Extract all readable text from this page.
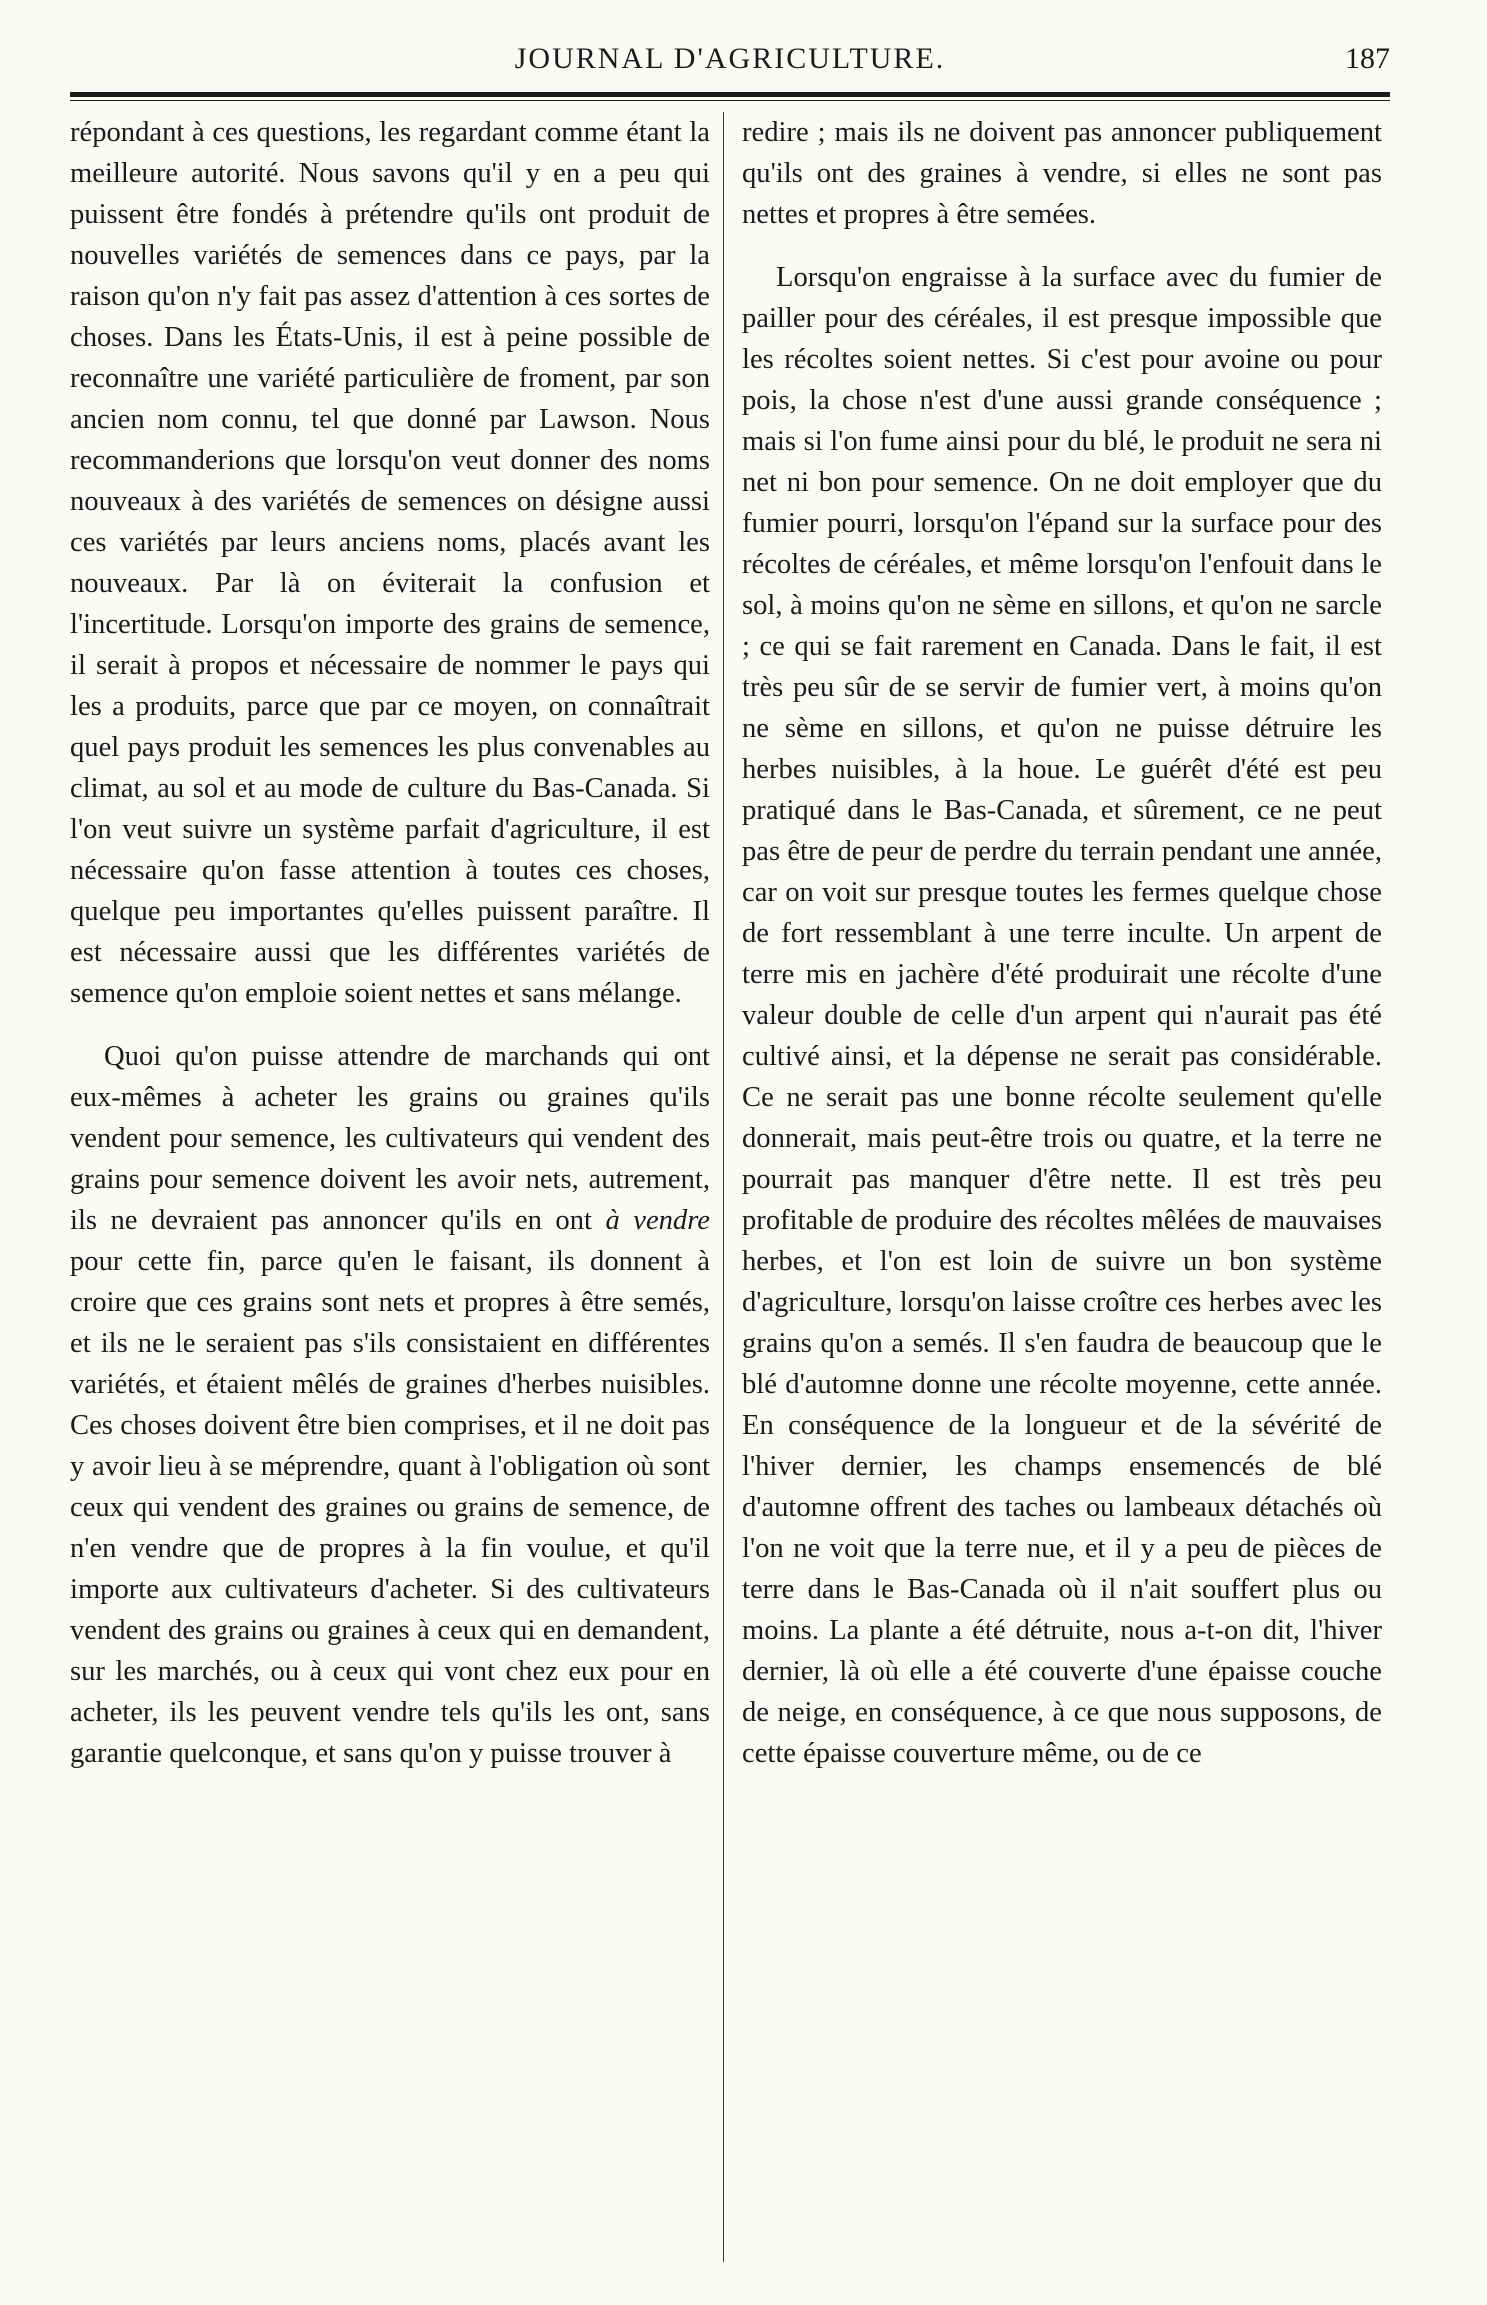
JOURNAL D'AGRICULTURE.	187

répondant à ces questions, les regardant comme étant la meilleure autorité. Nous savons qu'il y en a peu qui puissent être fondés à prétendre qu'ils ont produit de nouvelles variétés de semences dans ce pays, par la raison qu'on n'y fait pas assez d'attention à ces sortes de choses. Dans les États-Unis, il est à peine possible de reconnaître une variété particulière de froment, par son ancien nom connu, tel que donné par Lawson. Nous recommanderions que lorsqu'on veut donner des noms nouveaux à des variétés de semences on désigne aussi ces variétés par leurs anciens noms, placés avant les nouveaux. Par là on éviterait la confusion et l'incertitude. Lorsqu'on importe des grains de semence, il serait à propos et nécessaire de nommer le pays qui les a produits, parce que par ce moyen, on connaîtrait quel pays produit les semences les plus convenables au climat, au sol et au mode de culture du Bas-Canada. Si l'on veut suivre un système parfait d'agriculture, il est nécessaire qu'on fasse attention à toutes ces choses, quelque peu importantes qu'elles puissent paraître. Il est nécessaire aussi que les différentes variétés de semence qu'on emploie soient nettes et sans mélange.

Quoi qu'on puisse attendre de marchands qui ont eux-mêmes à acheter les grains ou graines qu'ils vendent pour semence, les cultivateurs qui vendent des grains pour semence doivent les avoir nets, autrement, ils ne devraient pas annoncer qu'ils en ont à vendre pour cette fin, parce qu'en le faisant, ils donnent à croire que ces grains sont nets et propres à être semés, et ils ne le seraient pas s'ils consistaient en différentes variétés, et étaient mêlés de graines d'herbes nuisibles. Ces choses doivent être bien comprises, et il ne doit pas y avoir lieu à se méprendre, quant à l'obligation où sont ceux qui vendent des graines ou grains de semence, de n'en vendre que de propres à la fin voulue, et qu'il importe aux cultivateurs d'acheter. Si des cultivateurs vendent des grains ou graines à ceux qui en demandent, sur les marchés, ou à ceux qui vont chez eux pour en acheter, ils les peuvent vendre tels qu'ils les ont, sans garantie quelconque, et sans qu'on y puisse trouver à

redire ; mais ils ne doivent pas annoncer publiquement qu'ils ont des graines à vendre, si elles ne sont pas nettes et propres à être semées.

Lorsqu'on engraisse à la surface avec du fumier de pailler pour des céréales, il est presque impossible que les récoltes soient nettes. Si c'est pour avoine ou pour pois, la chose n'est d'une aussi grande conséquence ; mais si l'on fume ainsi pour du blé, le produit ne sera ni net ni bon pour semence. On ne doit employer que du fumier pourri, lorsqu'on l'épand sur la surface pour des récoltes de céréales, et même lorsqu'on l'enfouit dans le sol, à moins qu'on ne sème en sillons, et qu'on ne sarcle ; ce qui se fait rarement en Canada. Dans le fait, il est très peu sûr de se servir de fumier vert, à moins qu'on ne sème en sillons, et qu'on ne puisse détruire les herbes nuisibles, à la houe. Le guérêt d'été est peu pratiqué dans le Bas-Canada, et sûrement, ce ne peut pas être de peur de perdre du terrain pendant une année, car on voit sur presque toutes les fermes quelque chose de fort ressemblant à une terre inculte. Un arpent de terre mis en jachère d'été produirait une récolte d'une valeur double de celle d'un arpent qui n'aurait pas été cultivé ainsi, et la dépense ne serait pas considérable. Ce ne serait pas une bonne récolte seulement qu'elle donnerait, mais peut-être trois ou quatre, et la terre ne pourrait pas manquer d'être nette. Il est très peu profitable de produire des récoltes mêlées de mauvaises herbes, et l'on est loin de suivre un bon système d'agriculture, lorsqu'on laisse croître ces herbes avec les grains qu'on a semés. Il s'en faudra de beaucoup que le blé d'automne donne une récolte moyenne, cette année. En conséquence de la longueur et de la sévérité de l'hiver dernier, les champs ensemencés de blé d'automne offrent des taches ou lambeaux détachés où l'on ne voit que la terre nue, et il y a peu de pièces de terre dans le Bas-Canada où il n'ait souffert plus ou moins. La plante a été détruite, nous a-t-on dit, l'hiver dernier, là où elle a été couverte d'une épaisse couche de neige, en conséquence, à ce que nous supposons, de cette épaisse couverture même, ou de ce
